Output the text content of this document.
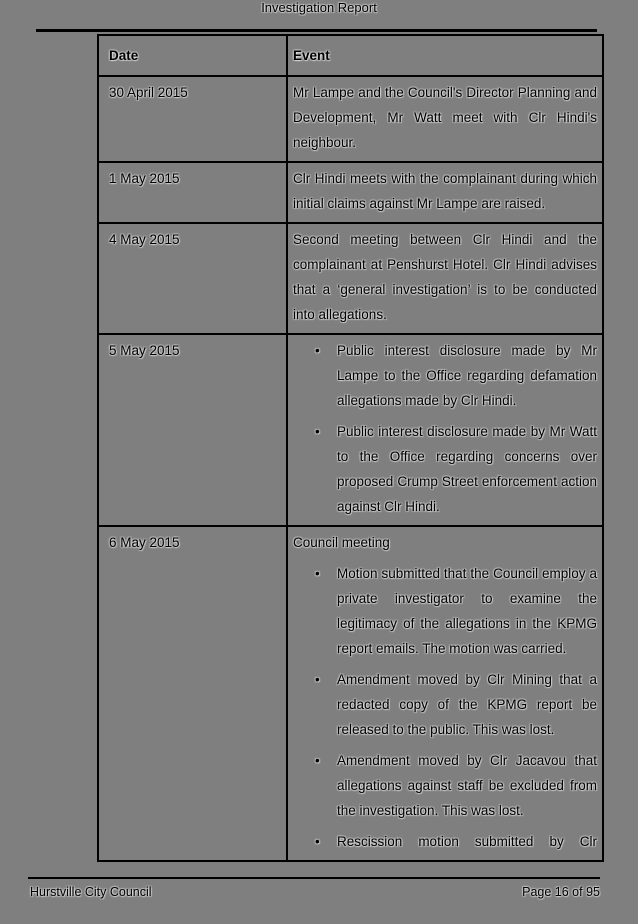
Investigation Report
Date	Event
30 April 2015	Mr Lampe and the Council's Director Planning and Development, Mr Watt meet with Clr Hindi's neighbour.

1 May 2015	Clr Hindi meets with the complainant during which initial claims against Mr Lampe are raised.

4 May 2015	Second meeting between Clr Hindi and the complainant at Penshurst Hotel. Clr Hindi advises that a ‘general investigation’ is to be conducted into allegations.

5 May 2015	• Public interest disclosure made by Mr Lampe to the Office regarding defamation allegations made by Clr Hindi.
• Public interest disclosure made by Mr Watt to the Office regarding concerns over proposed Crump Street enforcement action against Clr Hindi.

6 May 2015	Council meeting

• Motion submitted that the Council employ a private investigator to examine the legitimacy of the allegations in the KPMG report emails. The motion was carried.
• Amendment moved by Clr Mining that a redacted copy of the KPMG report be released to the public. This was lost.
• Amendment moved by Clr Jacavou that allegations against staff be excluded from the investigation. This was lost.
• Rescission motion submitted by Clr
Hurstville City Council	Page 16 of 95
